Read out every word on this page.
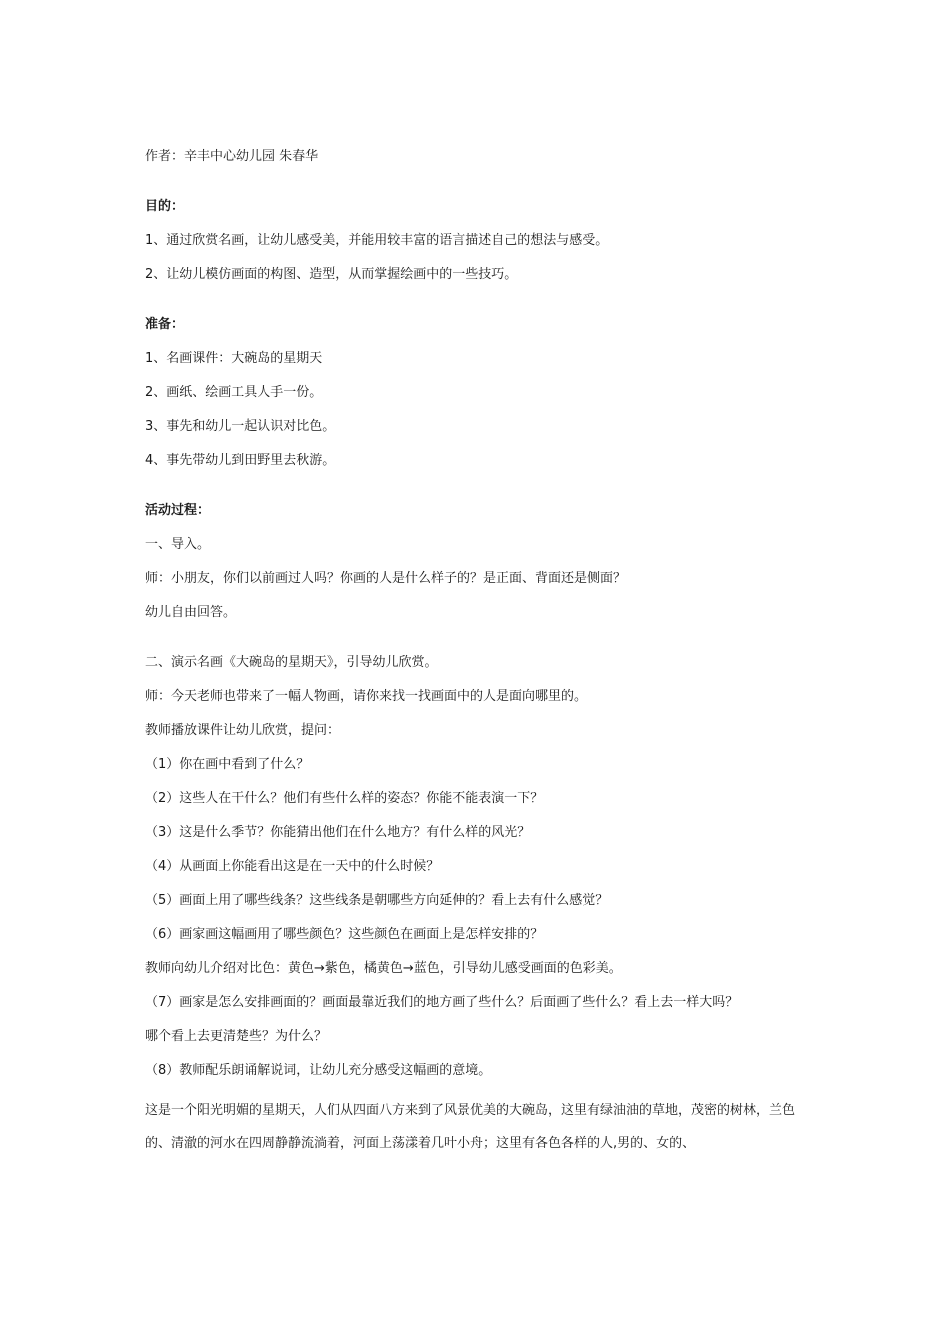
作者：辛丰中心幼儿园 朱春华

目的：

1、通过欣赏名画，让幼儿感受美，并能用较丰富的语言描述自己的想法与感受。

2、让幼儿模仿画面的构图、造型，从而掌握绘画中的一些技巧。

准备：

1、名画课件：大碗岛的星期天

2、画纸、绘画工具人手一份。

3、事先和幼儿一起认识对比色。

4、事先带幼儿到田野里去秋游。

活动过程：

一、导入。

师：小朋友，你们以前画过人吗？你画的人是什么样子的？是正面、背面还是侧面？

幼儿自由回答。

二、演示名画《大碗岛的星期天》，引导幼儿欣赏。

师：今天老师也带来了一幅人物画，请你来找一找画面中的人是面向哪里的。

教师播放课件让幼儿欣赏，提问：

（1）你在画中看到了什么？

（2）这些人在干什么？他们有些什么样的姿态？你能不能表演一下？

（3）这是什么季节？你能猜出他们在什么地方？有什么样的风光？

（4）从画面上你能看出这是在一天中的什么时候？

（5）画面上用了哪些线条？这些线条是朝哪些方向延伸的？看上去有什么感觉？

（6）画家画这幅画用了哪些颜色？这些颜色在画面上是怎样安排的？

教师向幼儿介绍对比色：黄色→紫色，橘黄色→蓝色，引导幼儿感受画面的色彩美。

（7）画家是怎么安排画面的？画面最靠近我们的地方画了些什么？后面画了些什么？看上去一样大吗？

哪个看上去更清楚些？为什么？

（8）教师配乐朗诵解说词，让幼儿充分感受这幅画的意境。

这是一个阳光明媚的星期天，人们从四面八方来到了风景优美的大碗岛，这里有绿油油的草地，茂密的树林，兰色的、清澈的河水在四周静静流淌着，河面上荡漾着几叶小舟；这里有各色各样的人,男的、女的、
